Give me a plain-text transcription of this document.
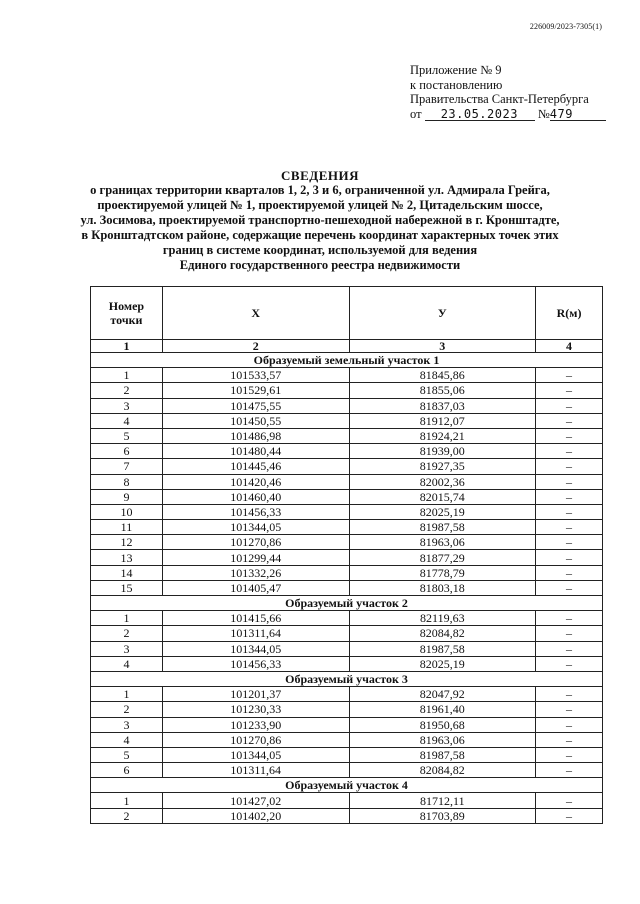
226009/2023-7305(1)
Приложение № 9
к постановлению
Правительства Санкт-Петербурга
от 23.05.2023 №479
СВЕДЕНИЯ
о границах территории кварталов 1, 2, 3 и 6, ограниченной ул. Адмирала Грейга,
проектируемой улицей № 1, проектируемой улицей № 2, Цитадельским шоссе,
ул. Зосимова, проектируемой транспортно-пешеходной набережной в г. Кронштадте,
в Кронштадтском районе, содержащие перечень координат характерных точек этих
границ в системе координат, используемой для ведения
Единого государственного реестра недвижимости
Номер
точки	Х	У	R(м)
1	2	3	4
Образуемый земельный участок 1			
1	101533,57	81845,86	–
2	101529,61	81855,06	–
3	101475,55	81837,03	–
4	101450,55	81912,07	–
5	101486,98	81924,21	–
6	101480,44	81939,00	–
7	101445,46	81927,35	–
8	101420,46	82002,36	–
9	101460,40	82015,74	–
10	101456,33	82025,19	–
11	101344,05	81987,58	–
12	101270,86	81963,06	–
13	101299,44	81877,29	–
14	101332,26	81778,79	–
15	101405,47	81803,18	–
Образуемый участок 2			
1	101415,66	82119,63	–
2	101311,64	82084,82	–
3	101344,05	81987,58	–
4	101456,33	82025,19	–
Образуемый участок 3			
1	101201,37	82047,92	–
2	101230,33	81961,40	–
3	101233,90	81950,68	–
4	101270,86	81963,06	–
5	101344,05	81987,58	–
6	101311,64	82084,82	–
Образуемый участок 4			
1	101427,02	81712,11	–
2	101402,20	81703,89	–
